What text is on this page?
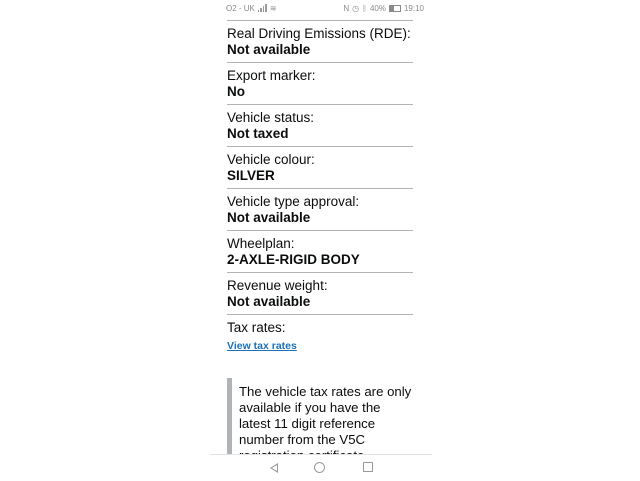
O2 - UK ≋	N ◷ ᛒ 40% 19:10
Real Driving Emissions (RDE):
Not available
Export marker:
No
Vehicle status:
Not taxed
Vehicle colour:
SILVER
Vehicle type approval:
Not available
Wheelplan:
2-AXLE-RIGID BODY
Revenue weight:
Not available
Tax rates:
View tax rates

The vehicle tax rates are only available if you have the latest 11 digit reference number from the V5C
